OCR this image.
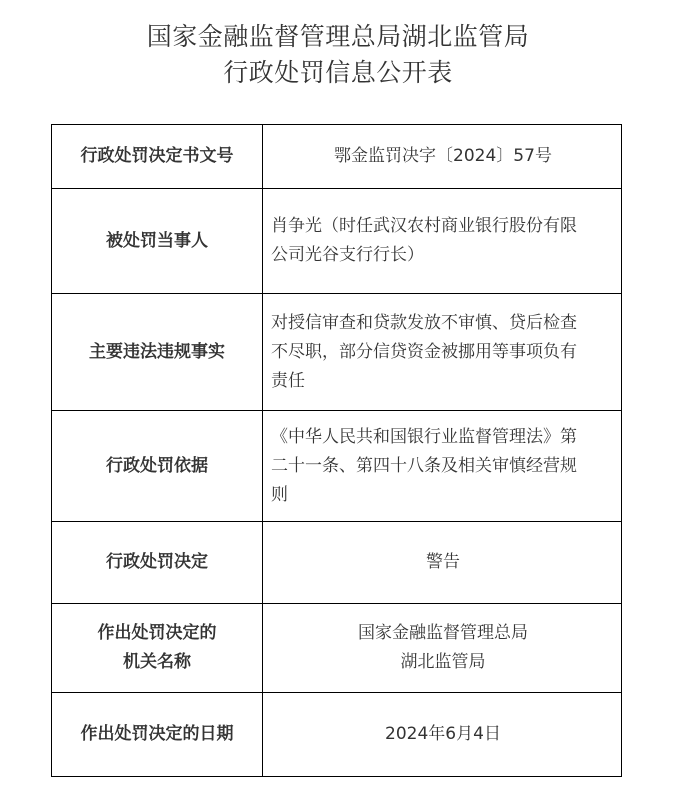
国家金融监督管理总局湖北监管局
行政处罚信息公开表
行政处罚决定书文号	鄂金监罚决字〔2024〕57号

被处罚当事人	肖争光（时任武汉农村商业银行股份有限
公司光谷支行行长）

主要违法违规事实	对授信审查和贷款发放不审慎、贷后检查
不尽职，部分信贷资金被挪用等事项负有
责任

行政处罚依据	《中华人民共和国银行业监督管理法》第
二十一条、第四十八条及相关审慎经营规
则

行政处罚决定	警告

作出处罚决定的
机关名称	国家金融监督管理总局
湖北监管局

作出处罚决定的日期	2024年6月4日
